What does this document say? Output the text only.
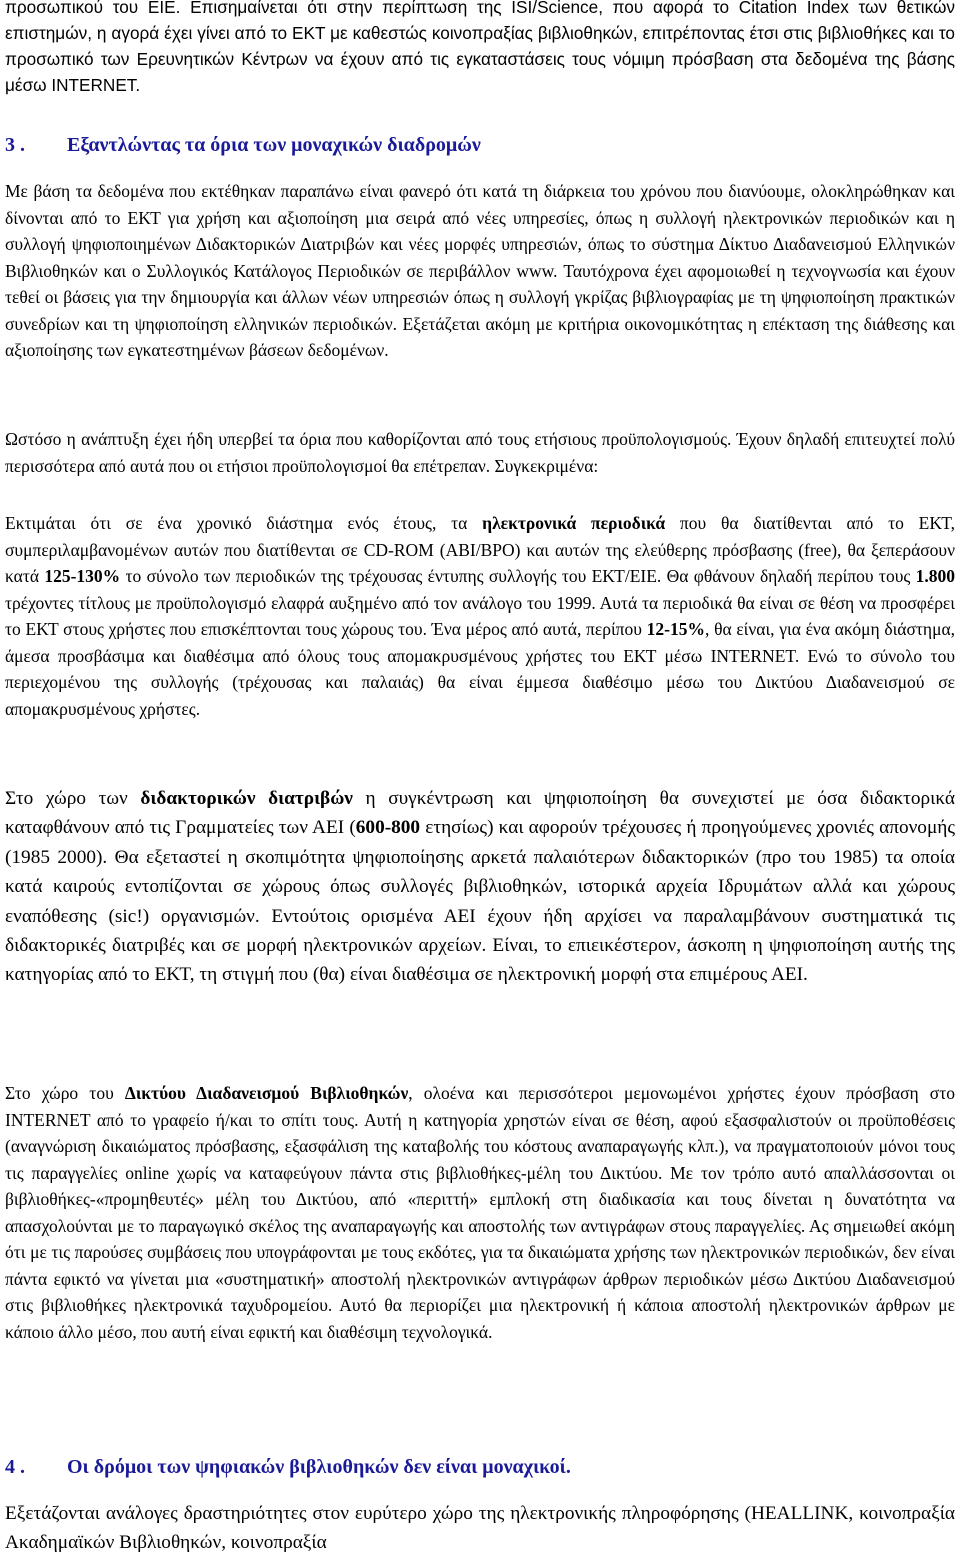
προσωπικού του ΕΙΕ. Επισημαίνεται ότι στην περίπτωση της ISI/Science, που αφορά το Citation Index των θετικών επιστημών, η αγορά έχει γίνει από το ΕΚΤ με καθεστώς κοινοπραξίας βιβλιοθηκών, επιτρέποντας έτσι στις βιβλιοθήκες και το προσωπικό των Ερευνητικών Κέντρων να έχουν από τις εγκαταστάσεις τους νόμιμη πρόσβαση στα δεδομένα της βάσης μέσω INTERNET.

3 . Εξαντλώντας τα όρια των μοναχικών διαδρομών

Με βάση τα δεδομένα που εκτέθηκαν παραπάνω είναι φανερό ότι κατά τη διάρκεια του χρόνου που διανύουμε, ολοκληρώθηκαν και δίνονται από το ΕΚΤ για χρήση και αξιοποίηση μια σειρά από νέες υπηρεσίες, όπως η συλλογή ηλεκτρονικών περιοδικών και η συλλογή ψηφιοποιημένων Διδακτορικών Διατριβών και νέες μορφές υπηρεσιών, όπως το σύστημα Δίκτυο Διαδανεισμού Ελληνικών Βιβλιοθηκών και ο Συλλογικός Κατάλογος Περιοδικών σε περιβάλλον www. Ταυτόχρονα έχει αφομοιωθεί η τεχνογνωσία και έχουν τεθεί οι βάσεις για την δημιουργία και άλλων νέων υπηρεσιών όπως η συλλογή γκρίζας βιβλιογραφίας με τη ψηφιοποίηση πρακτικών συνεδρίων και τη ψηφιοποίηση ελληνικών περιοδικών. Εξετάζεται ακόμη με κριτήρια οικονομικότητας η επέκταση της διάθεσης και αξιοποίησης των εγκατεστημένων βάσεων δεδομένων.

Ωστόσο η ανάπτυξη έχει ήδη υπερβεί τα όρια που καθορίζονται από τους ετήσιους προϋπολογισμούς. Έχουν δηλαδή επιτευχτεί πολύ περισσότερα από αυτά που οι ετήσιοι προϋπολογισμοί θα επέτρεπαν. Συγκεκριμένα:

Εκτιμάται ότι σε ένα χρονικό διάστημα ενός έτους, τα ηλεκτρονικά περιοδικά που θα διατίθενται από το ΕΚΤ, συμπεριλαμβανομένων αυτών που διατίθενται σε CD-ROM (ABI/BPO) και αυτών της ελεύθερης πρόσβασης (free), θα ξεπεράσουν κατά 125-130% το σύνολο των περιοδικών της τρέχουσας έντυπης συλλογής του ΕΚΤ/ΕΙΕ. Θα φθάνουν δηλαδή περίπου τους 1.800 τρέχοντες τίτλους με προϋπολογισμό ελαφρά αυξημένο από τον ανάλογο του 1999. Αυτά τα περιοδικά θα είναι σε θέση να προσφέρει το ΕΚΤ στους χρήστες που επισκέπτονται τους χώρους του. Ένα μέρος από αυτά, περίπου 12-15%, θα είναι, για ένα ακόμη διάστημα, άμεσα προσβάσιμα και διαθέσιμα από όλους τους απομακρυσμένους χρήστες του ΕΚΤ μέσω INTERNET. Ενώ το σύνολο του περιεχομένου της συλλογής (τρέχουσας και παλαιάς) θα είναι έμμεσα διαθέσιμο μέσω του Δικτύου Διαδανεισμού σε απομακρυσμένους χρήστες.

Στο χώρο των διδακτορικών διατριβών η συγκέντρωση και ψηφιοποίηση θα συνεχιστεί με όσα διδακτορικά καταφθάνουν από τις Γραμματείες των ΑΕΙ (600-800 ετησίως) και αφορούν τρέχουσες ή προηγούμενες χρονιές απονομής (1985 2000). Θα εξεταστεί η σκοπιμότητα ψηφιοποίησης αρκετά παλαιότερων διδακτορικών (προ του 1985) τα οποία κατά καιρούς εντοπίζονται σε χώρους όπως συλλογές βιβλιοθηκών, ιστορικά αρχεία Ιδρυμάτων αλλά και χώρους εναπόθεσης (sic!) οργανισμών. Εντούτοις ορισμένα ΑΕΙ έχουν ήδη αρχίσει να παραλαμβάνουν συστηματικά τις διδακτορικές διατριβές και σε μορφή ηλεκτρονικών αρχείων. Είναι, το επιεικέστερον, άσκοπη η ψηφιοποίηση αυτής της κατηγορίας από το ΕΚΤ, τη στιγμή που (θα) είναι διαθέσιμα σε ηλεκτρονική μορφή στα επιμέρους ΑΕΙ.

Στο χώρο του Δικτύου Διαδανεισμού Βιβλιοθηκών, ολοένα και περισσότεροι μεμονωμένοι χρήστες έχουν πρόσβαση στο INTERNET από το γραφείο ή/και το σπίτι τους. Αυτή η κατηγορία χρηστών είναι σε θέση, αφού εξασφαλιστούν οι προϋποθέσεις (αναγνώριση δικαιώματος πρόσβασης, εξασφάλιση της καταβολής του κόστους αναπαραγωγής κλπ.), να πραγματοποιούν μόνοι τους τις παραγγελίες online χωρίς να καταφεύγουν πάντα στις βιβλιοθήκες-μέλη του Δικτύου. Με τον τρόπο αυτό απαλλάσσονται οι βιβλιοθήκες-«προμηθευτές» μέλη του Δικτύου, από «περιττή» εμπλοκή στη διαδικασία και τους δίνεται η δυνατότητα να απασχολούνται με το παραγωγικό σκέλος της αναπαραγωγής και αποστολής των αντιγράφων στους παραγγελίες. Ας σημειωθεί ακόμη ότι με τις παρούσες συμβάσεις που υπογράφονται με τους εκδότες, για τα δικαιώματα χρήσης των ηλεκτρονικών περιοδικών, δεν είναι πάντα εφικτό να γίνεται μια «συστηματική» αποστολή ηλεκτρονικών αντιγράφων άρθρων περιοδικών μέσω Δικτύου Διαδανεισμού στις βιβλιοθήκες ηλεκτρονικά ταχυδρομείου. Αυτό θα περιορίζει μια ηλεκτρονική ή κάποια αποστολή ηλεκτρονικών άρθρων με κάποιο άλλο μέσο, που αυτή είναι εφικτή και διαθέσιμη τεχνολογικά.

4 . Οι δρόμοι των ψηφιακών βιβλιοθηκών δεν είναι μοναχικοί.

Εξετάζονται ανάλογες δραστηριότητες στον ευρύτερο χώρο της ηλεκτρονικής πληροφόρησης (HEALLINK, κοινοπραξία Ακαδημαϊκών Βιβλιοθηκών, κοινοπραξία
